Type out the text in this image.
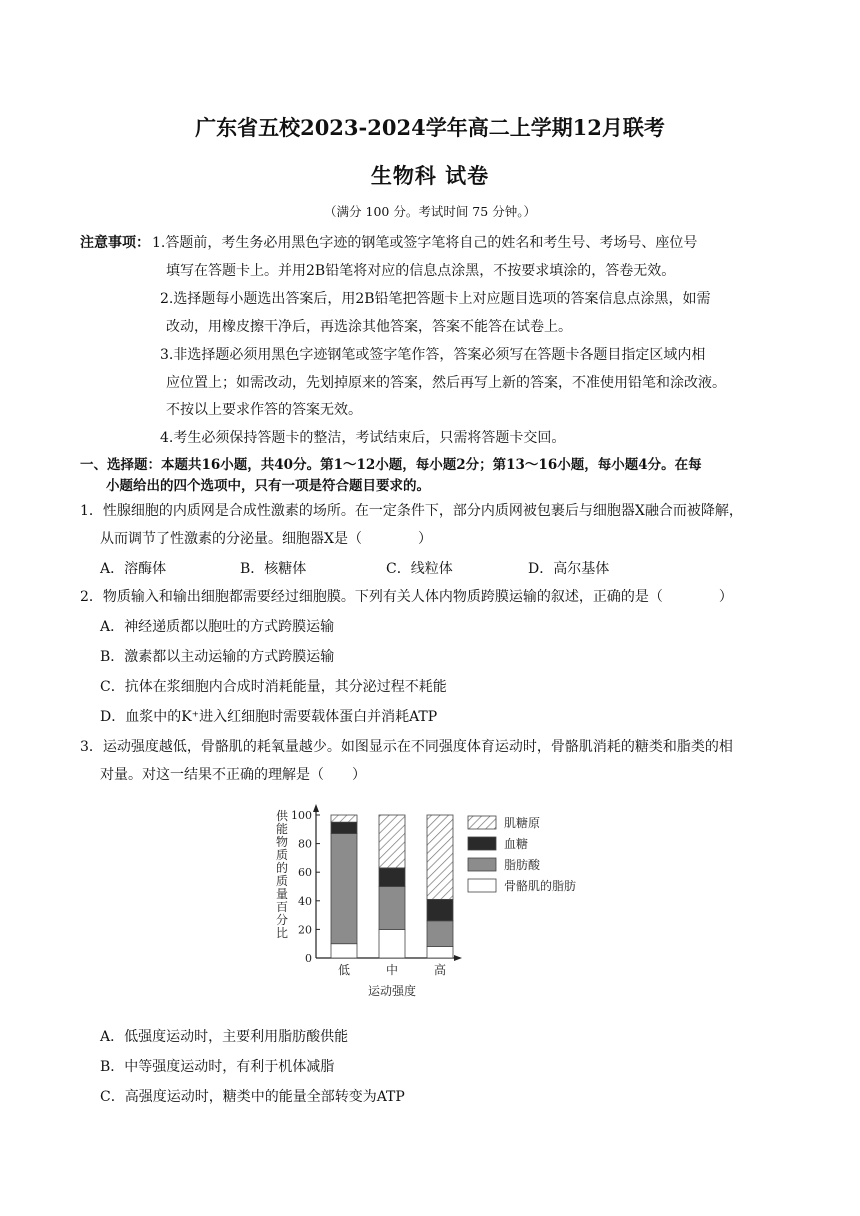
广东省五校2023-2024学年高二上学期12月联考
生物科 试卷
（满分 100 分。考试时间 75 分钟。）
注意事项： 1.答题前，考生务必用黑色字迹的钢笔或签字笔将自己的姓名和考生号、考场号、座位号
填写在答题卡上。并用2B铅笔将对应的信息点涂黑，不按要求填涂的，答卷无效。
2.选择题每小题选出答案后，用2B铅笔把答题卡上对应题目选项的答案信息点涂黑，如需
改动，用橡皮擦干净后，再选涂其他答案，答案不能答在试卷上。
3.非选择题必须用黑色字迹钢笔或签字笔作答，答案必须写在答题卡各题目指定区域内相
应位置上；如需改动，先划掉原来的答案，然后再写上新的答案，不准使用铅笔和涂改液。
不按以上要求作答的答案无效。
4.考生必须保持答题卡的整洁，考试结束后，只需将答题卡交回。
一、选择题：本题共16小题，共40分。第1～12小题，每小题2分；第13～16小题，每小题4分。在每
小题给出的四个选项中，只有一项是符合题目要求的。
1．性腺细胞的内质网是合成性激素的场所。在一定条件下，部分内质网被包裹后与细胞器X融合而被降解，
从而调节了性激素的分泌量。细胞器X是（　　　　）
A．溶酶体	B．核糖体	C．线粒体	D．高尔基体
2．物质输入和输出细胞都需要经过细胞膜。下列有关人体内物质跨膜运输的叙述，正确的是（　　　　）
A．神经递质都以胞吐的方式跨膜运输
B．激素都以主动运输的方式跨膜运输
C．抗体在浆细胞内合成时消耗能量，其分泌过程不耗能
D．血浆中的K⁺进入红细胞时需要载体蛋白并消耗ATP
3．运动强度越低，骨骼肌的耗氧量越少。如图显示在不同强度体育运动时，骨骼肌消耗的糖类和脂类的相
对量。对这一结果不正确的理解是（　　）
供
能
物
质
的
质
量
百
分
比
0
20
40
60
80
100
低	中	高
运动强度
肌糖原
血糖
脂肪酸
骨骼肌的脂肪
A．低强度运动时，主要利用脂肪酸供能
B．中等强度运动时，有利于机体减脂
C．高强度运动时，糖类中的能量全部转变为ATP
